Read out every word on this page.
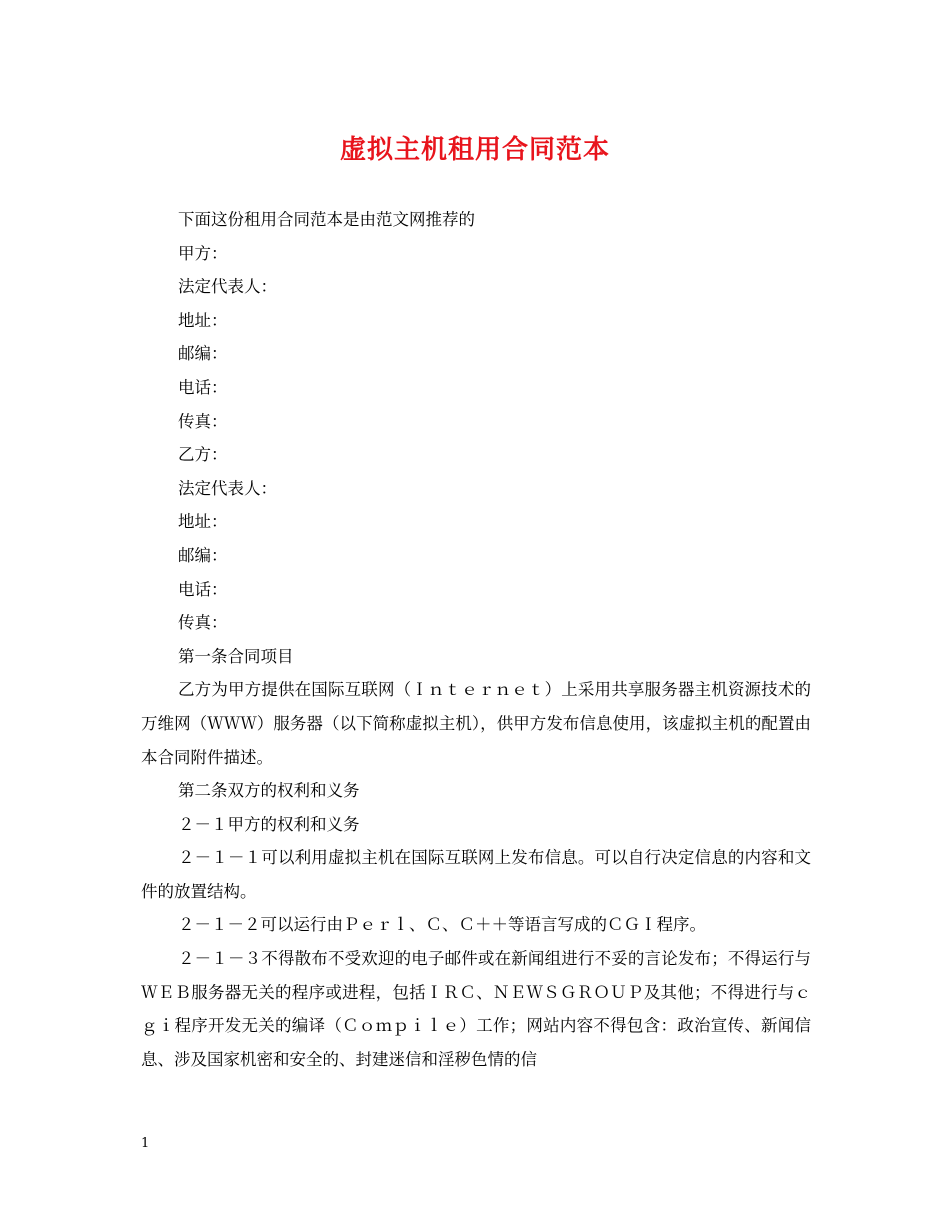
虚拟主机租用合同范本

下面这份租用合同范本是由范文网推荐的

甲方：

法定代表人：

地址：

邮编：

电话：

传真：

乙方：

法定代表人：

地址：

邮编：

电话：

传真：

第一条合同项目

乙方为甲方提供在国际互联网（Ｉｎｔｅｒｎｅｔ）上采用共享服务器主机资源技术的万维网（ＷＷＷ）服务器（以下简称虚拟主机），供甲方发布信息使用，该虚拟主机的配置由本合同附件描述。

第二条双方的权利和义务

２－１甲方的权利和义务

２－１－１可以利用虚拟主机在国际互联网上发布信息。可以自行决定信息的内容和文件的放置结构。

２－１－２可以运行由Ｐｅｒｌ、Ｃ、Ｃ＋＋等语言写成的ＣＧＩ程序。

２－１－３不得散布不受欢迎的电子邮件或在新闻组进行不妥的言论发布；不得运行与ＷＥＢ服务器无关的程序或进程，包括ＩＲＣ、ＮＥＷＳＧＲＯＵＰ及其他；不得进行与ｃｇｉ程序开发无关的编译（Ｃｏｍｐｉｌｅ）工作；网站内容不得包含：政治宣传、新闻信息、涉及国家机密和安全的、封建迷信和淫秽色情的信

1
